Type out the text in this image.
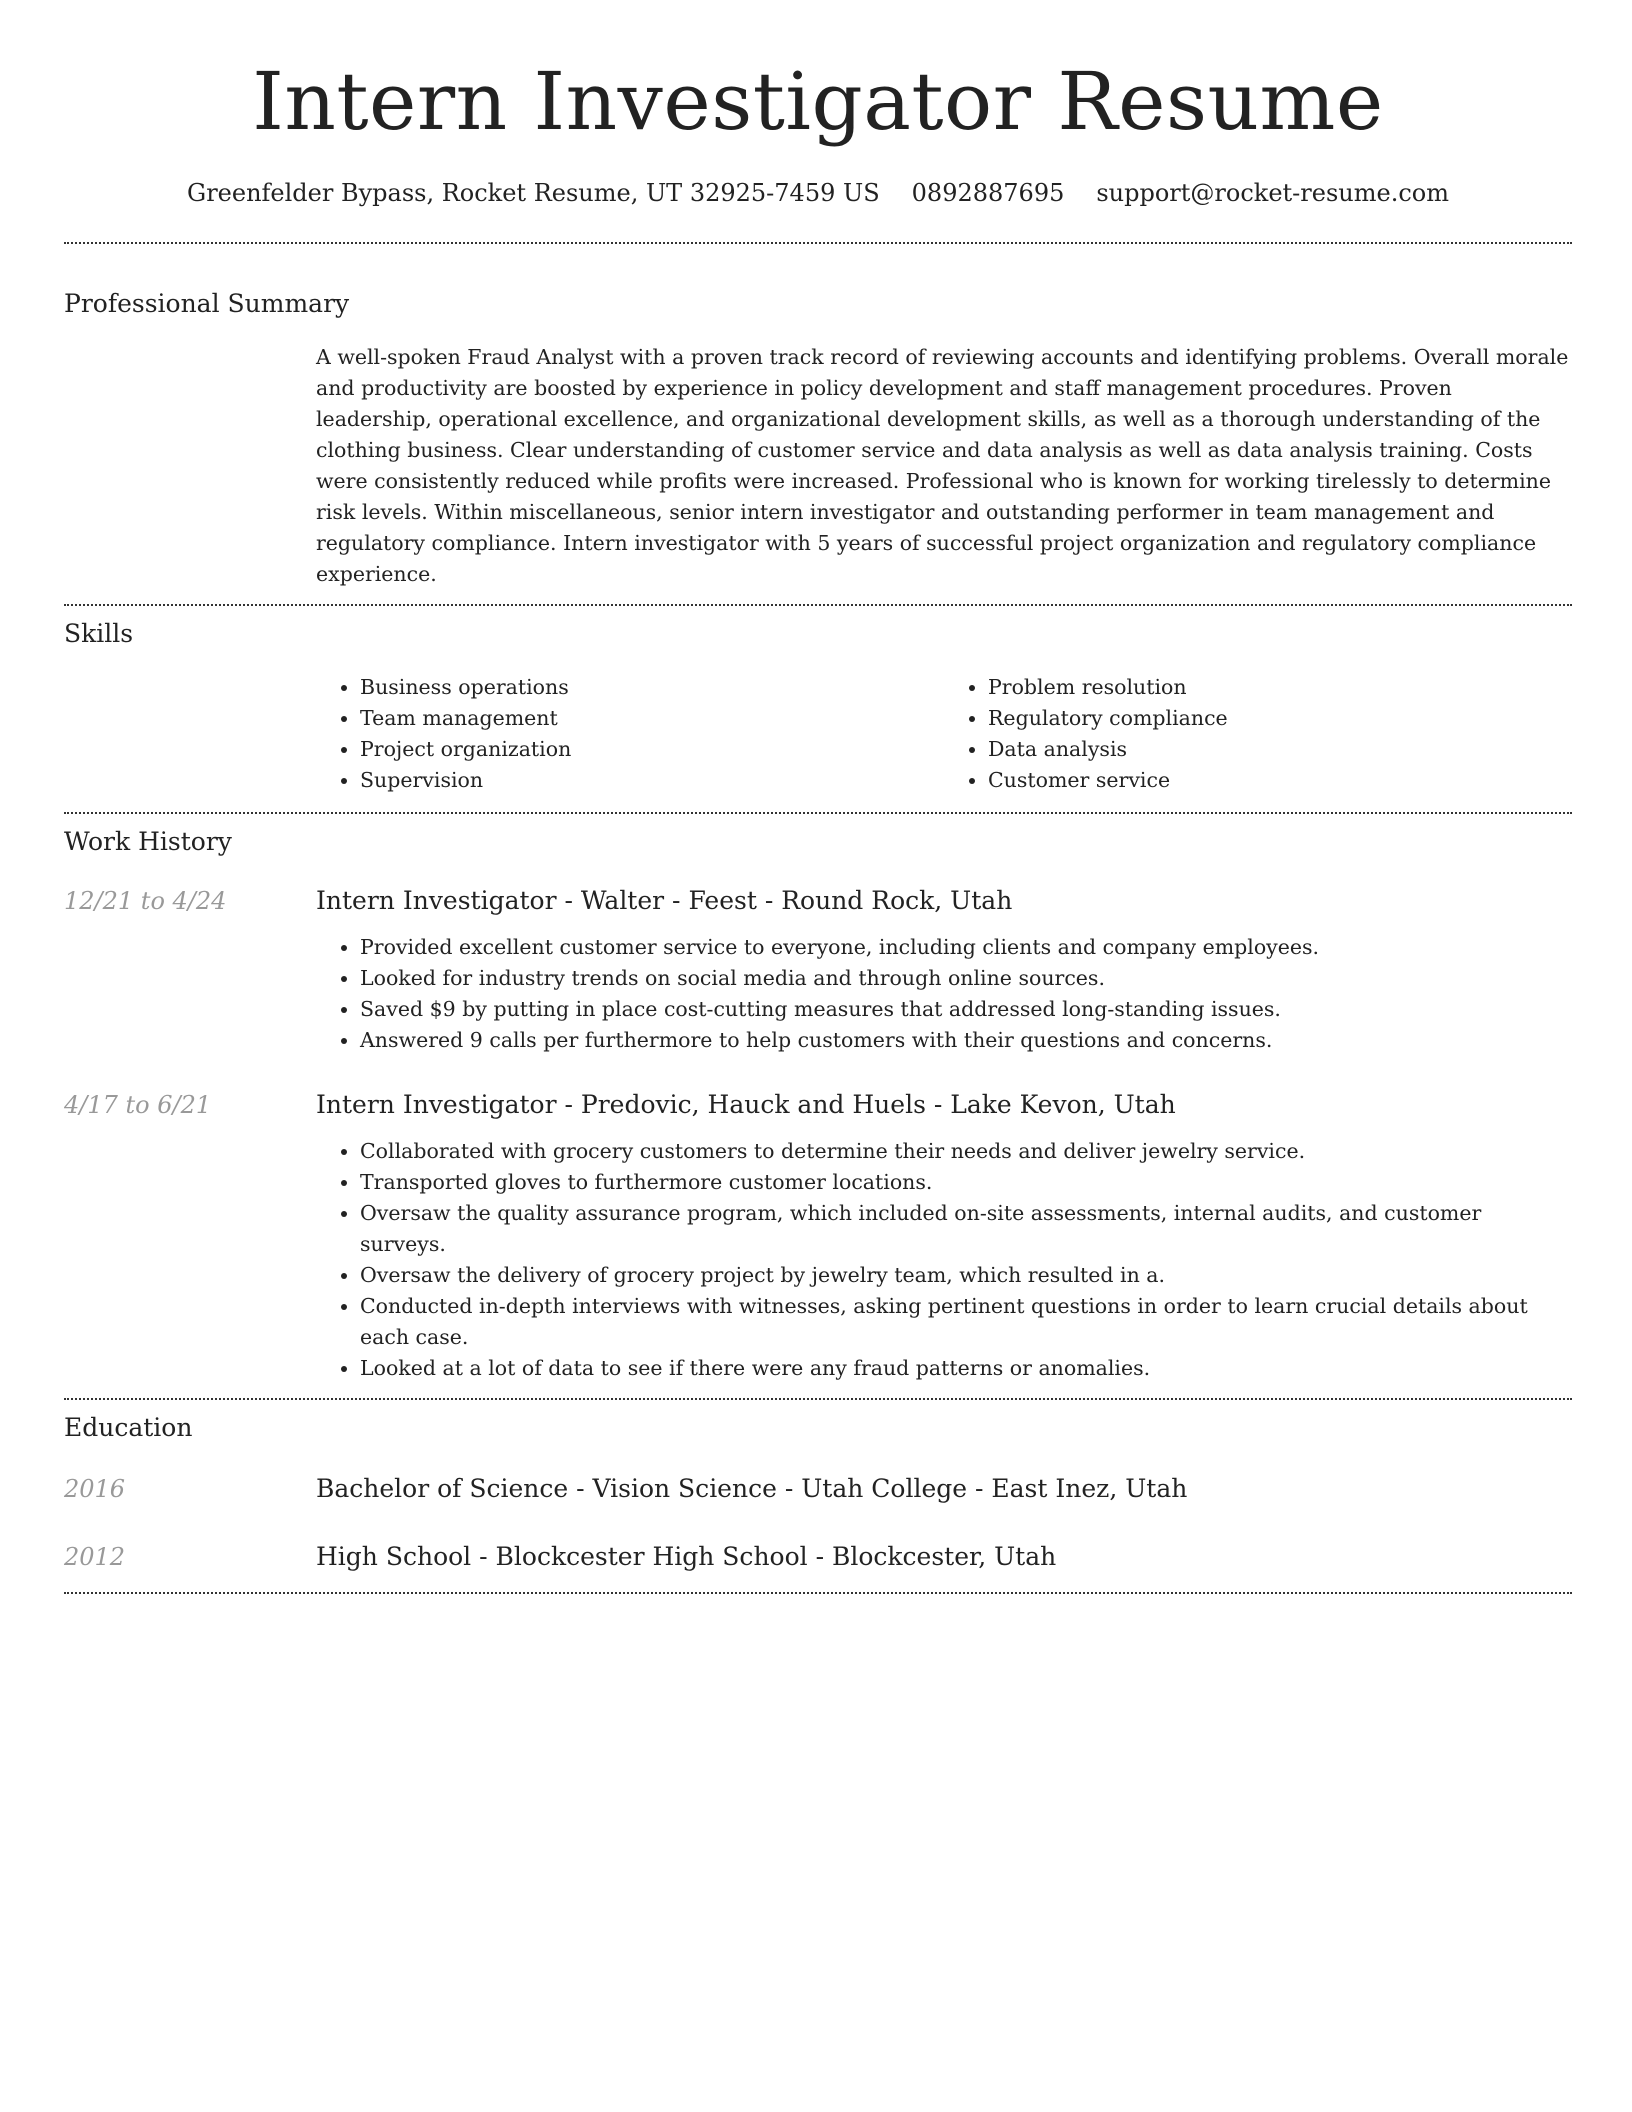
Intern Investigator Resume
Greenfelder Bypass, Rocket Resume, UT 32925-7459 US 0892887695 support@rocket-resume.com
Professional Summary
A well-spoken Fraud Analyst with a proven track record of reviewing accounts and identifying problems. Overall morale and productivity are boosted by experience in policy development and staff management procedures. Proven leadership, operational excellence, and organizational development skills, as well as a thorough understanding of the clothing business. Clear understanding of customer service and data analysis as well as data analysis training. Costs were consistently reduced while profits were increased. Professional who is known for working tirelessly to determine risk levels. Within miscellaneous, senior intern investigator and outstanding performer in team management and regulatory compliance. Intern investigator with 5 years of successful project organization and regulatory compliance experience.
Skills
• Business operations
• Team management
• Project organization
• Supervision
• Problem resolution
• Regulatory compliance
• Data analysis
• Customer service
Work History
12/21 to 4/24	Intern Investigator - Walter - Feest - Round Rock, Utah
• Provided excellent customer service to everyone, including clients and company employees.
• Looked for industry trends on social media and through online sources.
• Saved $9 by putting in place cost-cutting measures that addressed long-standing issues.
• Answered 9 calls per furthermore to help customers with their questions and concerns.
4/17 to 6/21	Intern Investigator - Predovic, Hauck and Huels - Lake Kevon, Utah
• Collaborated with grocery customers to determine their needs and deliver jewelry service.
• Transported gloves to furthermore customer locations.
• Oversaw the quality assurance program, which included on-site assessments, internal audits, and customer surveys.
• Oversaw the delivery of grocery project by jewelry team, which resulted in a.
• Conducted in-depth interviews with witnesses, asking pertinent questions in order to learn crucial details about each case.
• Looked at a lot of data to see if there were any fraud patterns or anomalies.
Education
2016	Bachelor of Science - Vision Science - Utah College - East Inez, Utah
2012	High School - Blockcester High School - Blockcester, Utah
